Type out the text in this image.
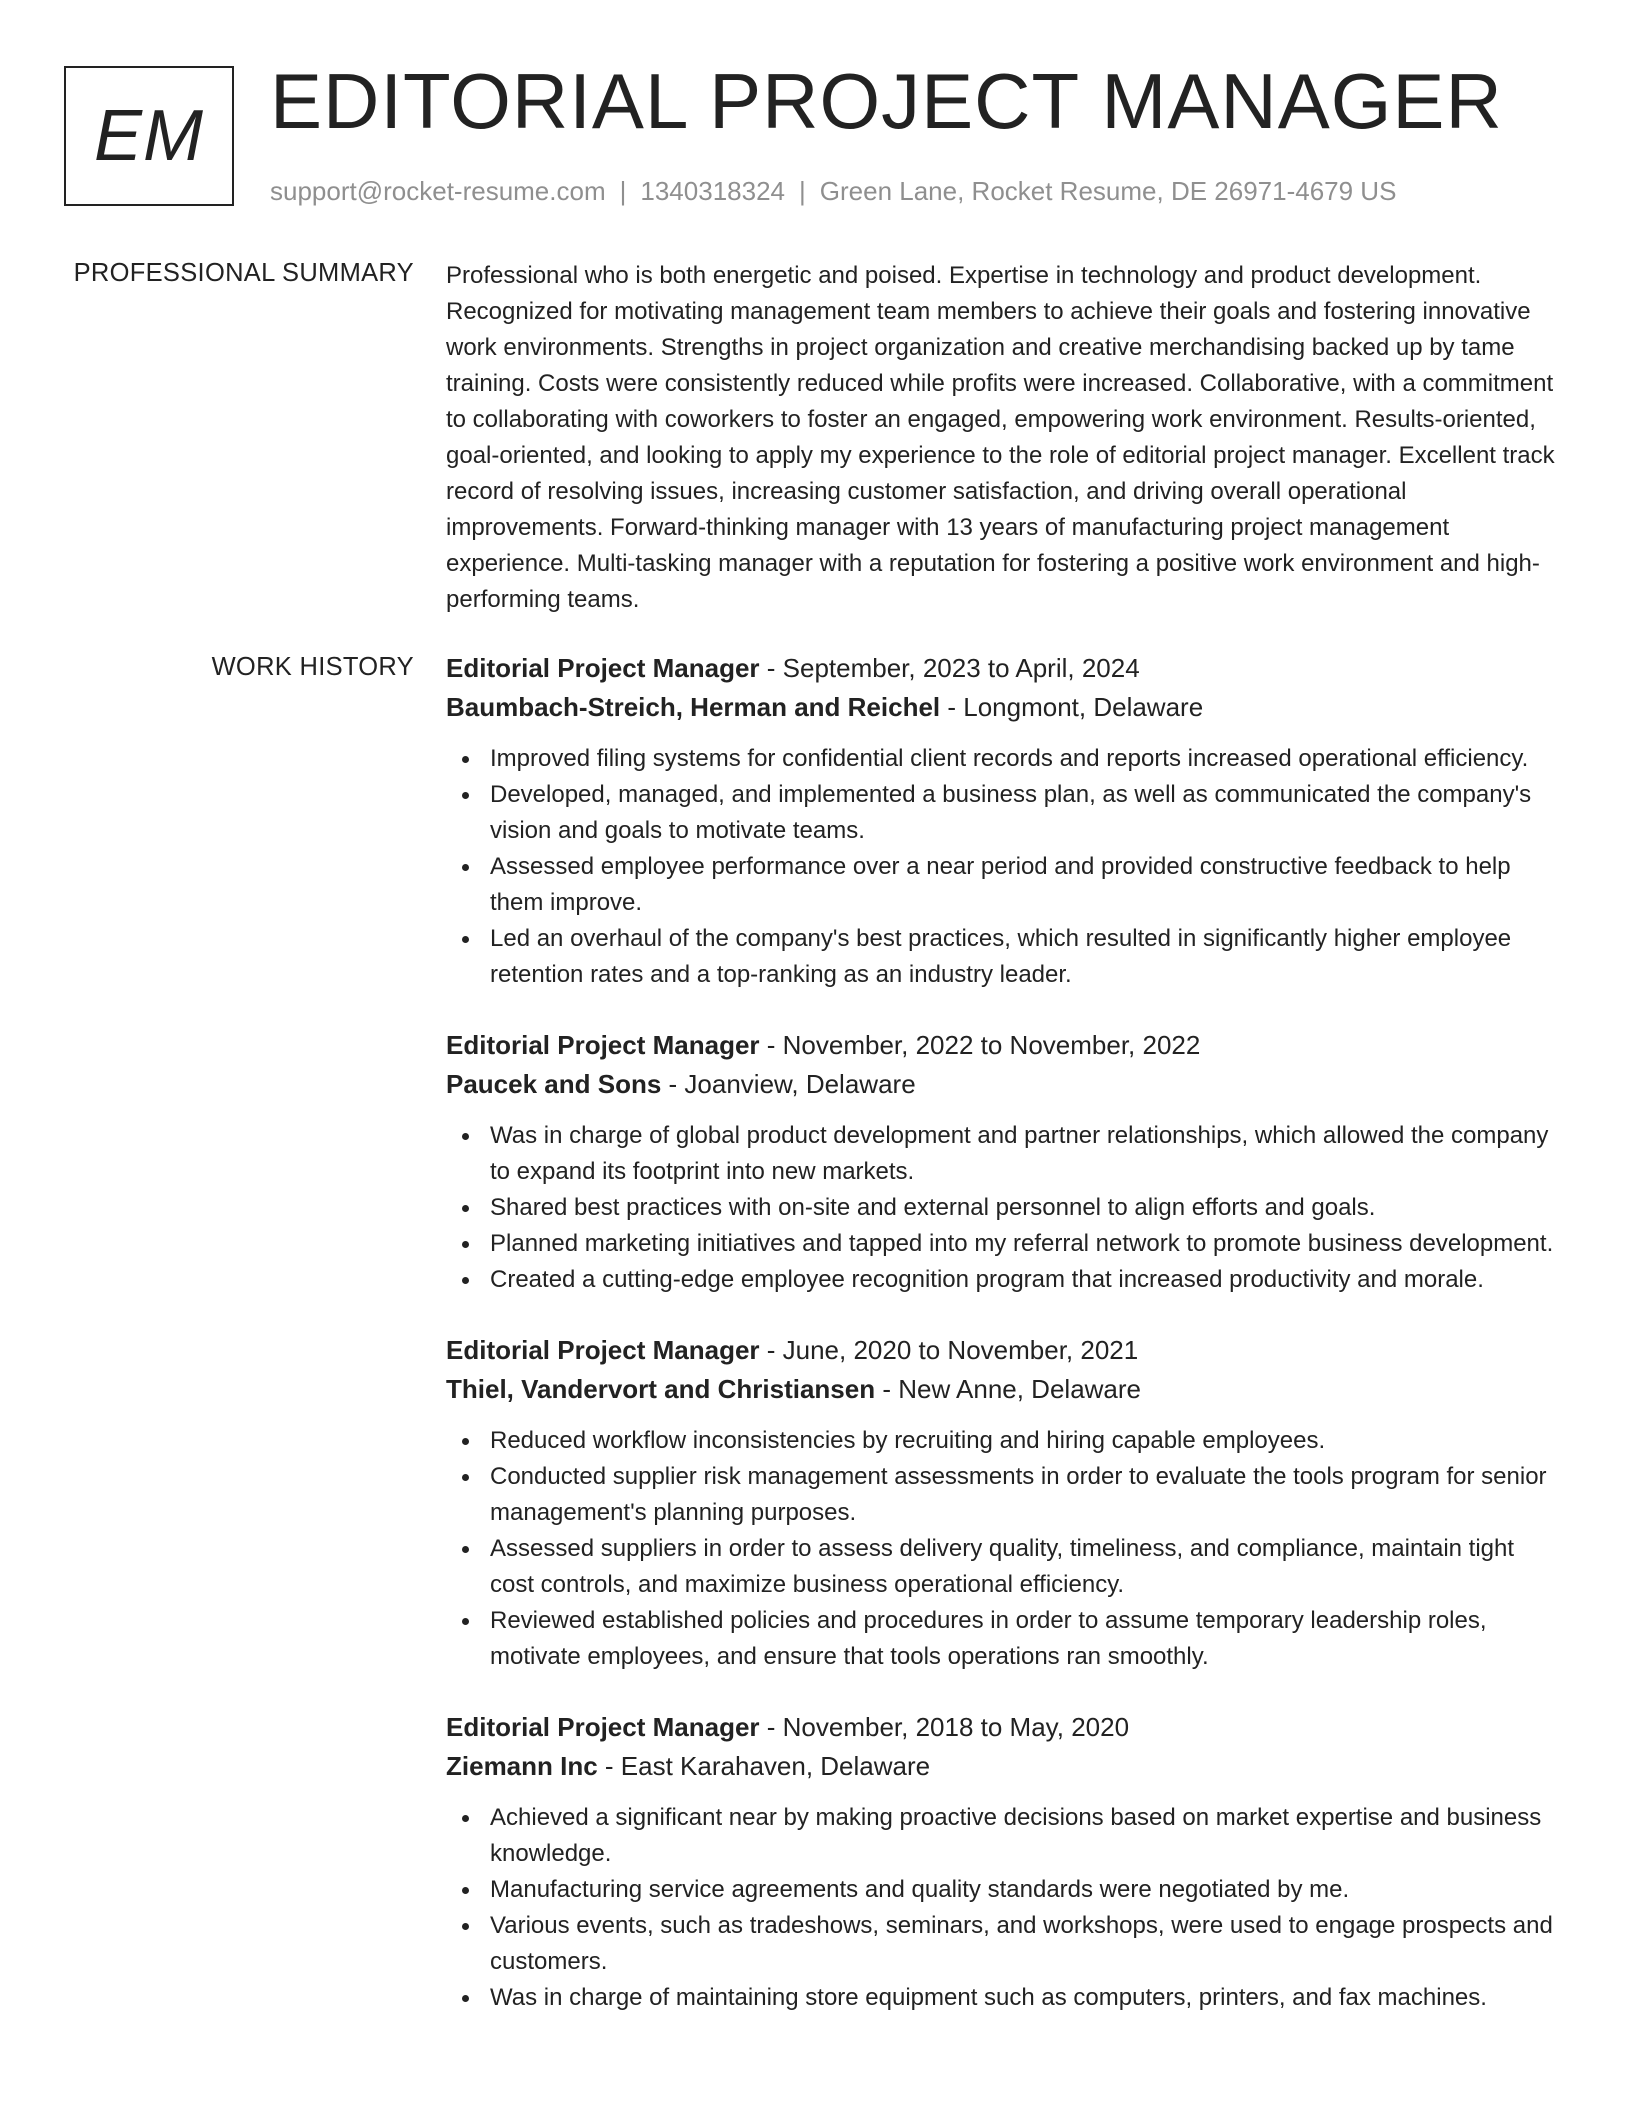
EM EDITORIAL PROJECT MANAGER
support@rocket-resume.com | 1340318324 | Green Lane, Rocket Resume, DE 26971-4679 US
PROFESSIONAL SUMMARY Professional who is both energetic and poised. Expertise in technology and product development. Recognized for motivating management team members to achieve their goals and fostering innovative work environments. Strengths in project organization and creative merchandising backed up by tame training. Costs were consistently reduced while profits were increased. Collaborative, with a commitment to collaborating with coworkers to foster an engaged, empowering work environment. Results-oriented, goal-oriented, and looking to apply my experience to the role of editorial project manager. Excellent track record of resolving issues, increasing customer satisfaction, and driving overall operational improvements. Forward-thinking manager with 13 years of manufacturing project management experience. Multi-tasking manager with a reputation for fostering a positive work environment and high-performing teams.

WORK HISTORY Editorial Project Manager - September, 2023 to April, 2024
Baumbach-Streich, Herman and Reichel - Longmont, Delaware
Improved filing systems for confidential client records and reports increased operational efficiency.
Developed, managed, and implemented a business plan, as well as communicated the company's vision and goals to motivate teams.
Assessed employee performance over a near period and provided constructive feedback to help them improve.
Led an overhaul of the company's best practices, which resulted in significantly higher employee retention rates and a top-ranking as an industry leader.
Editorial Project Manager - November, 2022 to November, 2022
Paucek and Sons - Joanview, Delaware
Was in charge of global product development and partner relationships, which allowed the company to expand its footprint into new markets.
Shared best practices with on-site and external personnel to align efforts and goals.
Planned marketing initiatives and tapped into my referral network to promote business development.
Created a cutting-edge employee recognition program that increased productivity and morale.
Editorial Project Manager - June, 2020 to November, 2021
Thiel, Vandervort and Christiansen - New Anne, Delaware
Reduced workflow inconsistencies by recruiting and hiring capable employees.
Conducted supplier risk management assessments in order to evaluate the tools program for senior management's planning purposes.
Assessed suppliers in order to assess delivery quality, timeliness, and compliance, maintain tight cost controls, and maximize business operational efficiency.
Reviewed established policies and procedures in order to assume temporary leadership roles, motivate employees, and ensure that tools operations ran smoothly.
Editorial Project Manager - November, 2018 to May, 2020
Ziemann Inc - East Karahaven, Delaware
Achieved a significant near by making proactive decisions based on market expertise and business knowledge.
Manufacturing service agreements and quality standards were negotiated by me.
Various events, such as tradeshows, seminars, and workshops, were used to engage prospects and customers.
Was in charge of maintaining store equipment such as computers, printers, and fax machines.
